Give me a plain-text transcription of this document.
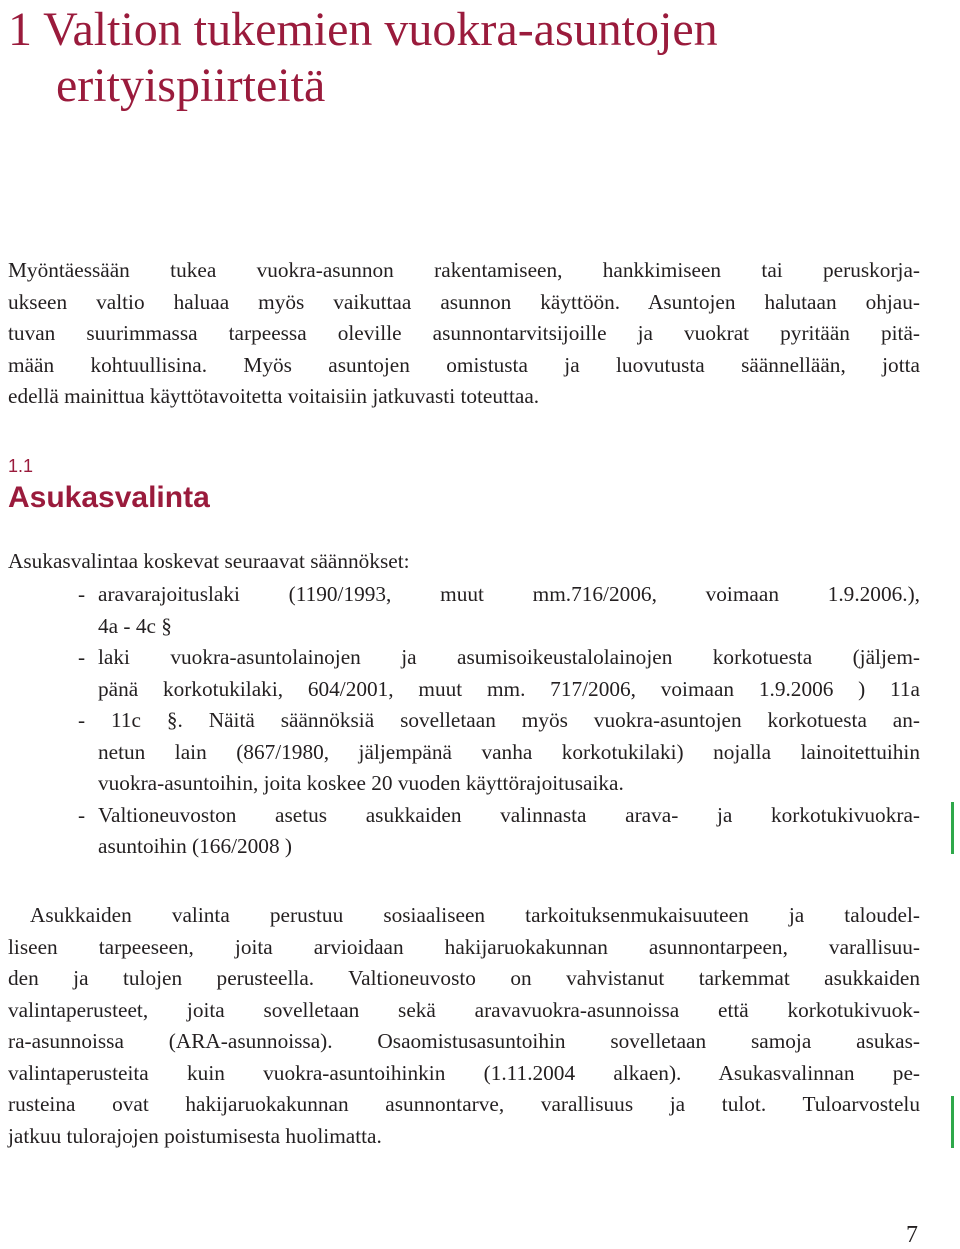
1 Valtion tukemien vuokra-asuntojen
erityispiirteitä

Myöntäessään tukea vuokra-asunnon rakentamiseen, hankkimiseen tai peruskorja-
ukseen valtio haluaa myös vaikuttaa asunnon käyttöön. Asuntojen halutaan ohjau-
tuvan suurimmassa tarpeessa oleville asunnontarvitsijoille ja vuokrat pyritään pitä-
mään kohtuullisina. Myös asuntojen omistusta ja luovutusta säännellään, jotta
edellä mainittua käyttötavoitetta voitaisiin jatkuvasti toteuttaa.

1.1
Asukasvalinta

Asukasvalintaa koskevat seuraavat säännökset:

- aravarajoituslaki (1190/1993, muut mm.716/2006, voimaan 1.9.2006.),
4a - 4c §
- laki vuokra-asuntolainojen ja asumisoikeustalolainojen korkotuesta (jäljem-
pänä korkotukilaki, 604/2001, muut mm. 717/2006, voimaan 1.9.2006 ) 11a
- 11c §. Näitä säännöksiä sovelletaan myös vuokra-asuntojen korkotuesta an-
netun lain (867/1980, jäljempänä vanha korkotukilaki) nojalla lainoitettuihin
vuokra-asuntoihin, joita koskee 20 vuoden käyttörajoitusaika.
- Valtioneuvoston asetus asukkaiden valinnasta arava- ja korkotukivuokra-
asuntoihin (166/2008 )

Asukkaiden valinta perustuu sosiaaliseen tarkoituksenmukaisuuteen ja taloudel-
liseen tarpeeseen, joita arvioidaan hakijaruokakunnan asunnontarpeen, varallisuu-
den ja tulojen perusteella. Valtioneuvosto on vahvistanut tarkemmat asukkaiden
valintaperusteet, joita sovelletaan sekä aravavuokra-asunnoissa että korkotukivuok-
ra-asunnoissa (ARA-asunnoissa). Osaomistusasuntoihin sovelletaan samoja asukas-
valintaperusteita kuin vuokra-asuntoihinkin (1.11.2004 alkaen). Asukasvalinnan pe-
rusteina ovat hakijaruokakunnan asunnontarve, varallisuus ja tulot. Tuloarvostelu
jatkuu tulorajojen poistumisesta huolimatta.

7
